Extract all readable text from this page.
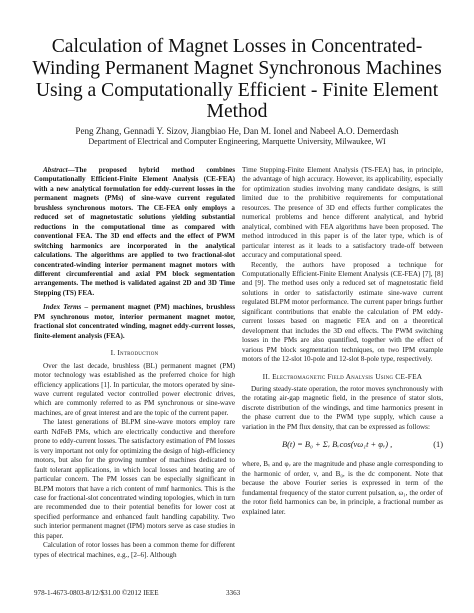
Calculation of Magnet Losses in Concentrated-Winding Permanent Magnet Synchronous Machines Using a Computationally Efficient - Finite Element Method
Peng Zhang, Gennadi Y. Sizov, Jiangbiao He, Dan M. Ionel and Nabeel A.O. Demerdash
Department of Electrical and Computer Engineering, Marquette University, Milwaukee, WI

Abstract—The proposed hybrid method combines Computationally Efficient-Finite Element Analysis (CE-FEA) with a new analytical formulation for eddy-current losses in the permanent magnets (PMs) of sine-wave current regulated brushless synchronous motors. The CE-FEA only employs a reduced set of magnetostatic solutions yielding substantial reductions in the computational time as compared with conventional FEA. The 3D end effects and the effect of PWM switching harmonics are incorporated in the analytical calculations. The algorithms are applied to two fractional-slot concentrated-winding interior permanent magnet motors with different circumferential and axial PM block segmentation arrangements. The method is validated against 2D and 3D Time Stepping (TS) FEA.

Index Terms – permanent magnet (PM) machines, brushless PM synchronous motor, interior permanent magnet motor, fractional slot concentrated winding, magnet eddy-current losses, finite-element analysis (FEA).

I. Introduction

Over the last decade, brushless (BL) permanent magnet (PM) motor technology was established as the preferred choice for high efficiency applications [1]. In particular, the motors operated by sine-wave current regulated vector controlled power electronic drives, which are commonly referred to as PM synchronous or sine-wave machines, are of great interest and are the topic of the current paper.

The latest generations of BLPM sine-wave motors employ rare earth NdFeB PMs, which are electrically conductive and therefore prone to eddy-current losses. The satisfactory estimation of PM losses is very important not only for optimizing the design of high-efficiency motors, but also for the growing number of machines dedicated to fault tolerant applications, in which local losses and heating are of particular concern. The PM losses can be especially significant in BLPM motors that have a rich content of mmf harmonics. This is the case for fractional-slot concentrated winding topologies, which in turn are recommended due to their potential benefits for lower cost at specified performance and enhanced fault handling capability. Two such interior permanent magnet (IPM) motors serve as case studies in this paper.

Calculation of rotor losses has been a common theme for different types of electrical machines, e.g., [2–6]. Although

Time Stepping-Finite Element Analysis (TS-FEA) has, in principle, the advantage of high accuracy. However, its applicability, especially for optimization studies involving many candidate designs, is still limited due to the prohibitive requirements for computational resources. The presence of 3D end effects further complicates the numerical problems and hence different analytical, and hybrid analytical, combined with FEA algorithms have been proposed. The method introduced in this paper is of the later type, which is of particular interest as it leads to a satisfactory trade-off between accuracy and computational speed.

Recently, the authors have proposed a technique for Computationally Efficient-Finite Element Analysis (CE-FEA) [7], [8] and [9]. The method uses only a reduced set of magnetostatic field solutions in order to satisfactorily estimate sine-wave current regulated BLPM motor performance. The current paper brings further significant contributions that enable the calculation of PM eddy-current losses based on magnetic FEA and on a theoretical development that includes the 3D end effects. The PWM switching losses in the PMs are also quantified, together with the effect of various PM block segmentation techniques, on two IPM example motors of the 12-slot 10-pole and 12-slot 8-pole type, respectively.

II. Electromagnetic Field Analysis Using CE-FEA

During steady-state operation, the rotor moves synchronously with the rotating air-gap magnetic field, in the presence of stator slots, discrete distribution of the windings, and time harmonics present in the phase current due to the PWM type supply, which cause a variation in the PM flux density, that can be expressed as follows:

B(t) = B₀ + Σᵥ Bᵥcos(νω₁t + φᵥ) ,	(1)

where, Bᵥ and φᵥ are the magnitude and phase angle corresponding to the harmonic of order, ν, and B₀, is the dc component. Note that because the above Fourier series is expressed in term of the fundamental frequency of the stator current pulsation, ω₁, the order of the rotor field harmonics can be, in principle, a fractional number as explained later.

978-1-4673-0803-8/12/$31.00 ©2012 IEEE	3363
